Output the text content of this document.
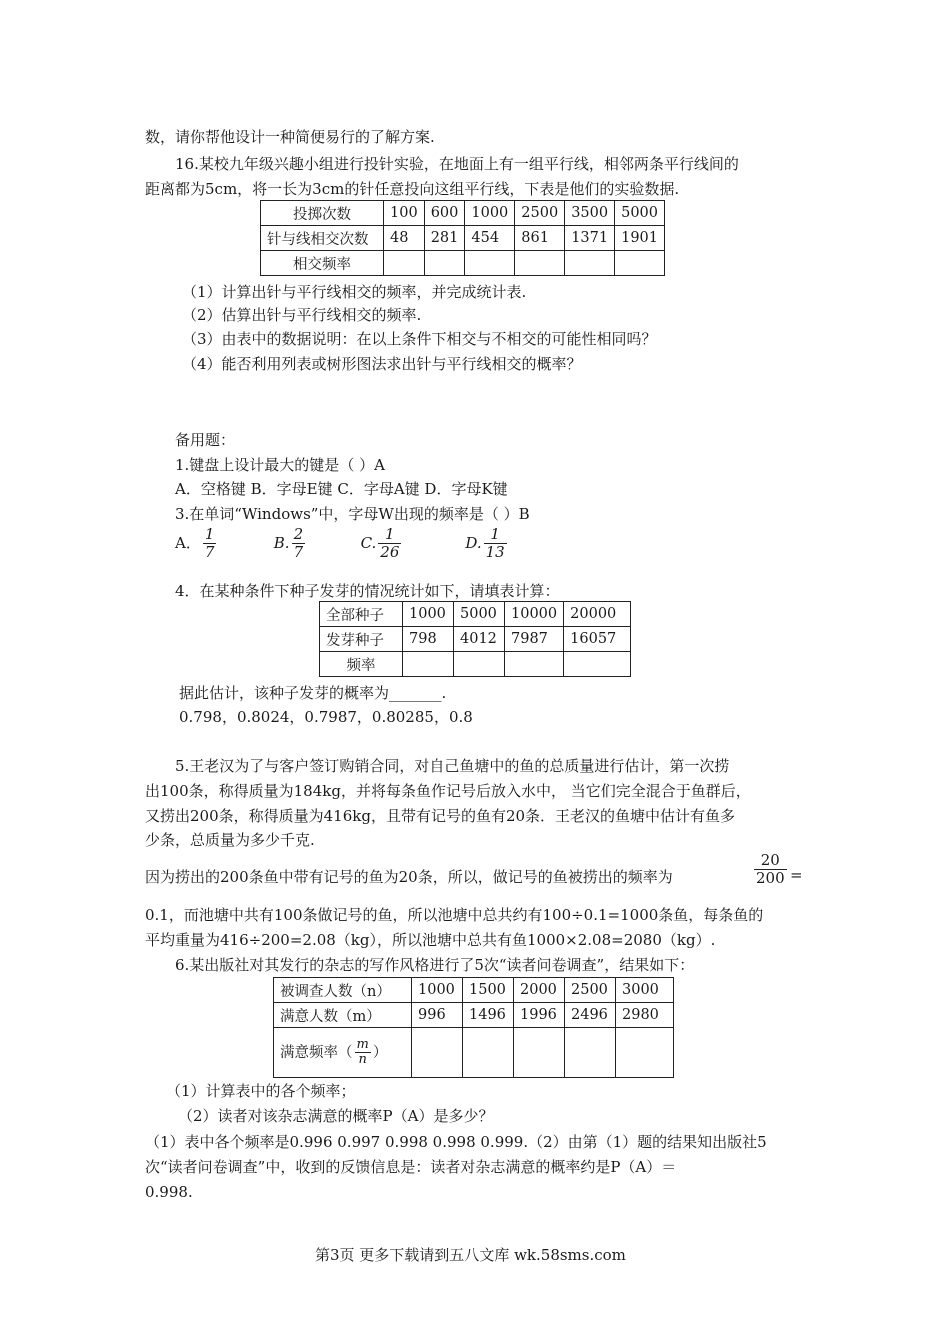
数，请你帮他设计一种简便易行的了解方案.
16.某校九年级兴趣小组进行投针实验，在地面上有一组平行线，相邻两条平行线间的
距离都为5cm，将一长为3cm的针任意投向这组平行线，下表是他们的实验数据.
投掷次数	100	600	1000	2500	3500	5000
针与线相交次数	48	281	454	861	1371	1901
相交频率						
（1）计算出针与平行线相交的频率，并完成统计表.
（2）估算出针与平行线相交的频率.
（3）由表中的数据说明：在以上条件下相交与不相交的可能性相同吗？
（4）能否利用列表或树形图法求出针与平行线相交的概率？
备用题：
1.键盘上设计最大的键是（ ）A
A．空格键 B．字母E键 C．字母A键 D．字母K键
3.在单词“Windows”中，字母W出现的频率是（ ）B
A． $\frac{1}{7}$	B. $\frac{2}{7}$	C. $\frac{1}{26}$	D. $\frac{1}{13}$
4．在某种条件下种子发芽的情况统计如下，请填表计算：
全部种子	1000	5000	10000	20000
发芽种子	798	4012	7987	16057
频率				
据此估计，该种子发芽的概率为_______.
0.798，0.8024，0.7987，0.80285，0.8
5.王老汉为了与客户签订购销合同，对自己鱼塘中的鱼的总质量进行估计，第一次捞
出100条，称得质量为184kg，并将每条鱼作记号后放入水中， 当它们完全混合于鱼群后，
又捞出200条，称得质量为416kg，且带有记号的鱼有20条．王老汉的鱼塘中估计有鱼多
少条，总质量为多少千克.
因为捞出的200条鱼中带有记号的鱼为20条，所以，做记号的鱼被捞出的频率为	$\frac{20}{200}$ =
0.1，而池塘中共有100条做记号的鱼，所以池塘中总共约有100÷0.1=1000条鱼，每条鱼的
平均重量为416÷200=2.08（kg），所以池塘中总共有鱼1000×2.08=2080（kg）.
6.某出版社对其发行的杂志的写作风格进行了5次“读者问卷调查”，结果如下：
被调查人数（n）	1000	1500	2000	2500	3000
满意人数（m）	996	1496	1996	2496	2980
满意频率（ $\frac{m}{n}$ ）					
（1）计算表中的各个频率；
（2）读者对该杂志满意的概率P（A）是多少？
（1）表中各个频率是0.996 0.997 0.998 0.998 0.999.（2）由第（1）题的结果知出版社5
次“读者问卷调查”中，收到的反馈信息是：读者对杂志满意的概率约是P（A）＝
0.998.
第3页 更多下载请到五八文库 wk.58sms.com
